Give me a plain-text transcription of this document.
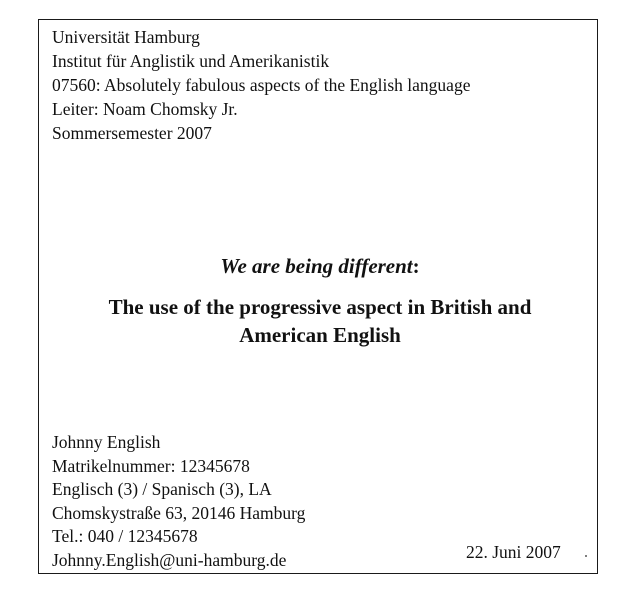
Universität Hamburg
Institut für Anglistik und Amerikanistik
07560: Absolutely fabulous aspects of the English language
Leiter: Noam Chomsky Jr.
Sommersemester 2007
We are being different:
The use of the progressive aspect in British and
American English
Johnny English
Matrikelnummer: 12345678
Englisch (3) / Spanisch (3), LA
Chomskystraße 63, 20146 Hamburg
Tel.: 040 / 12345678
Johnny.English@uni-hamburg.de	22. Juni 2007
